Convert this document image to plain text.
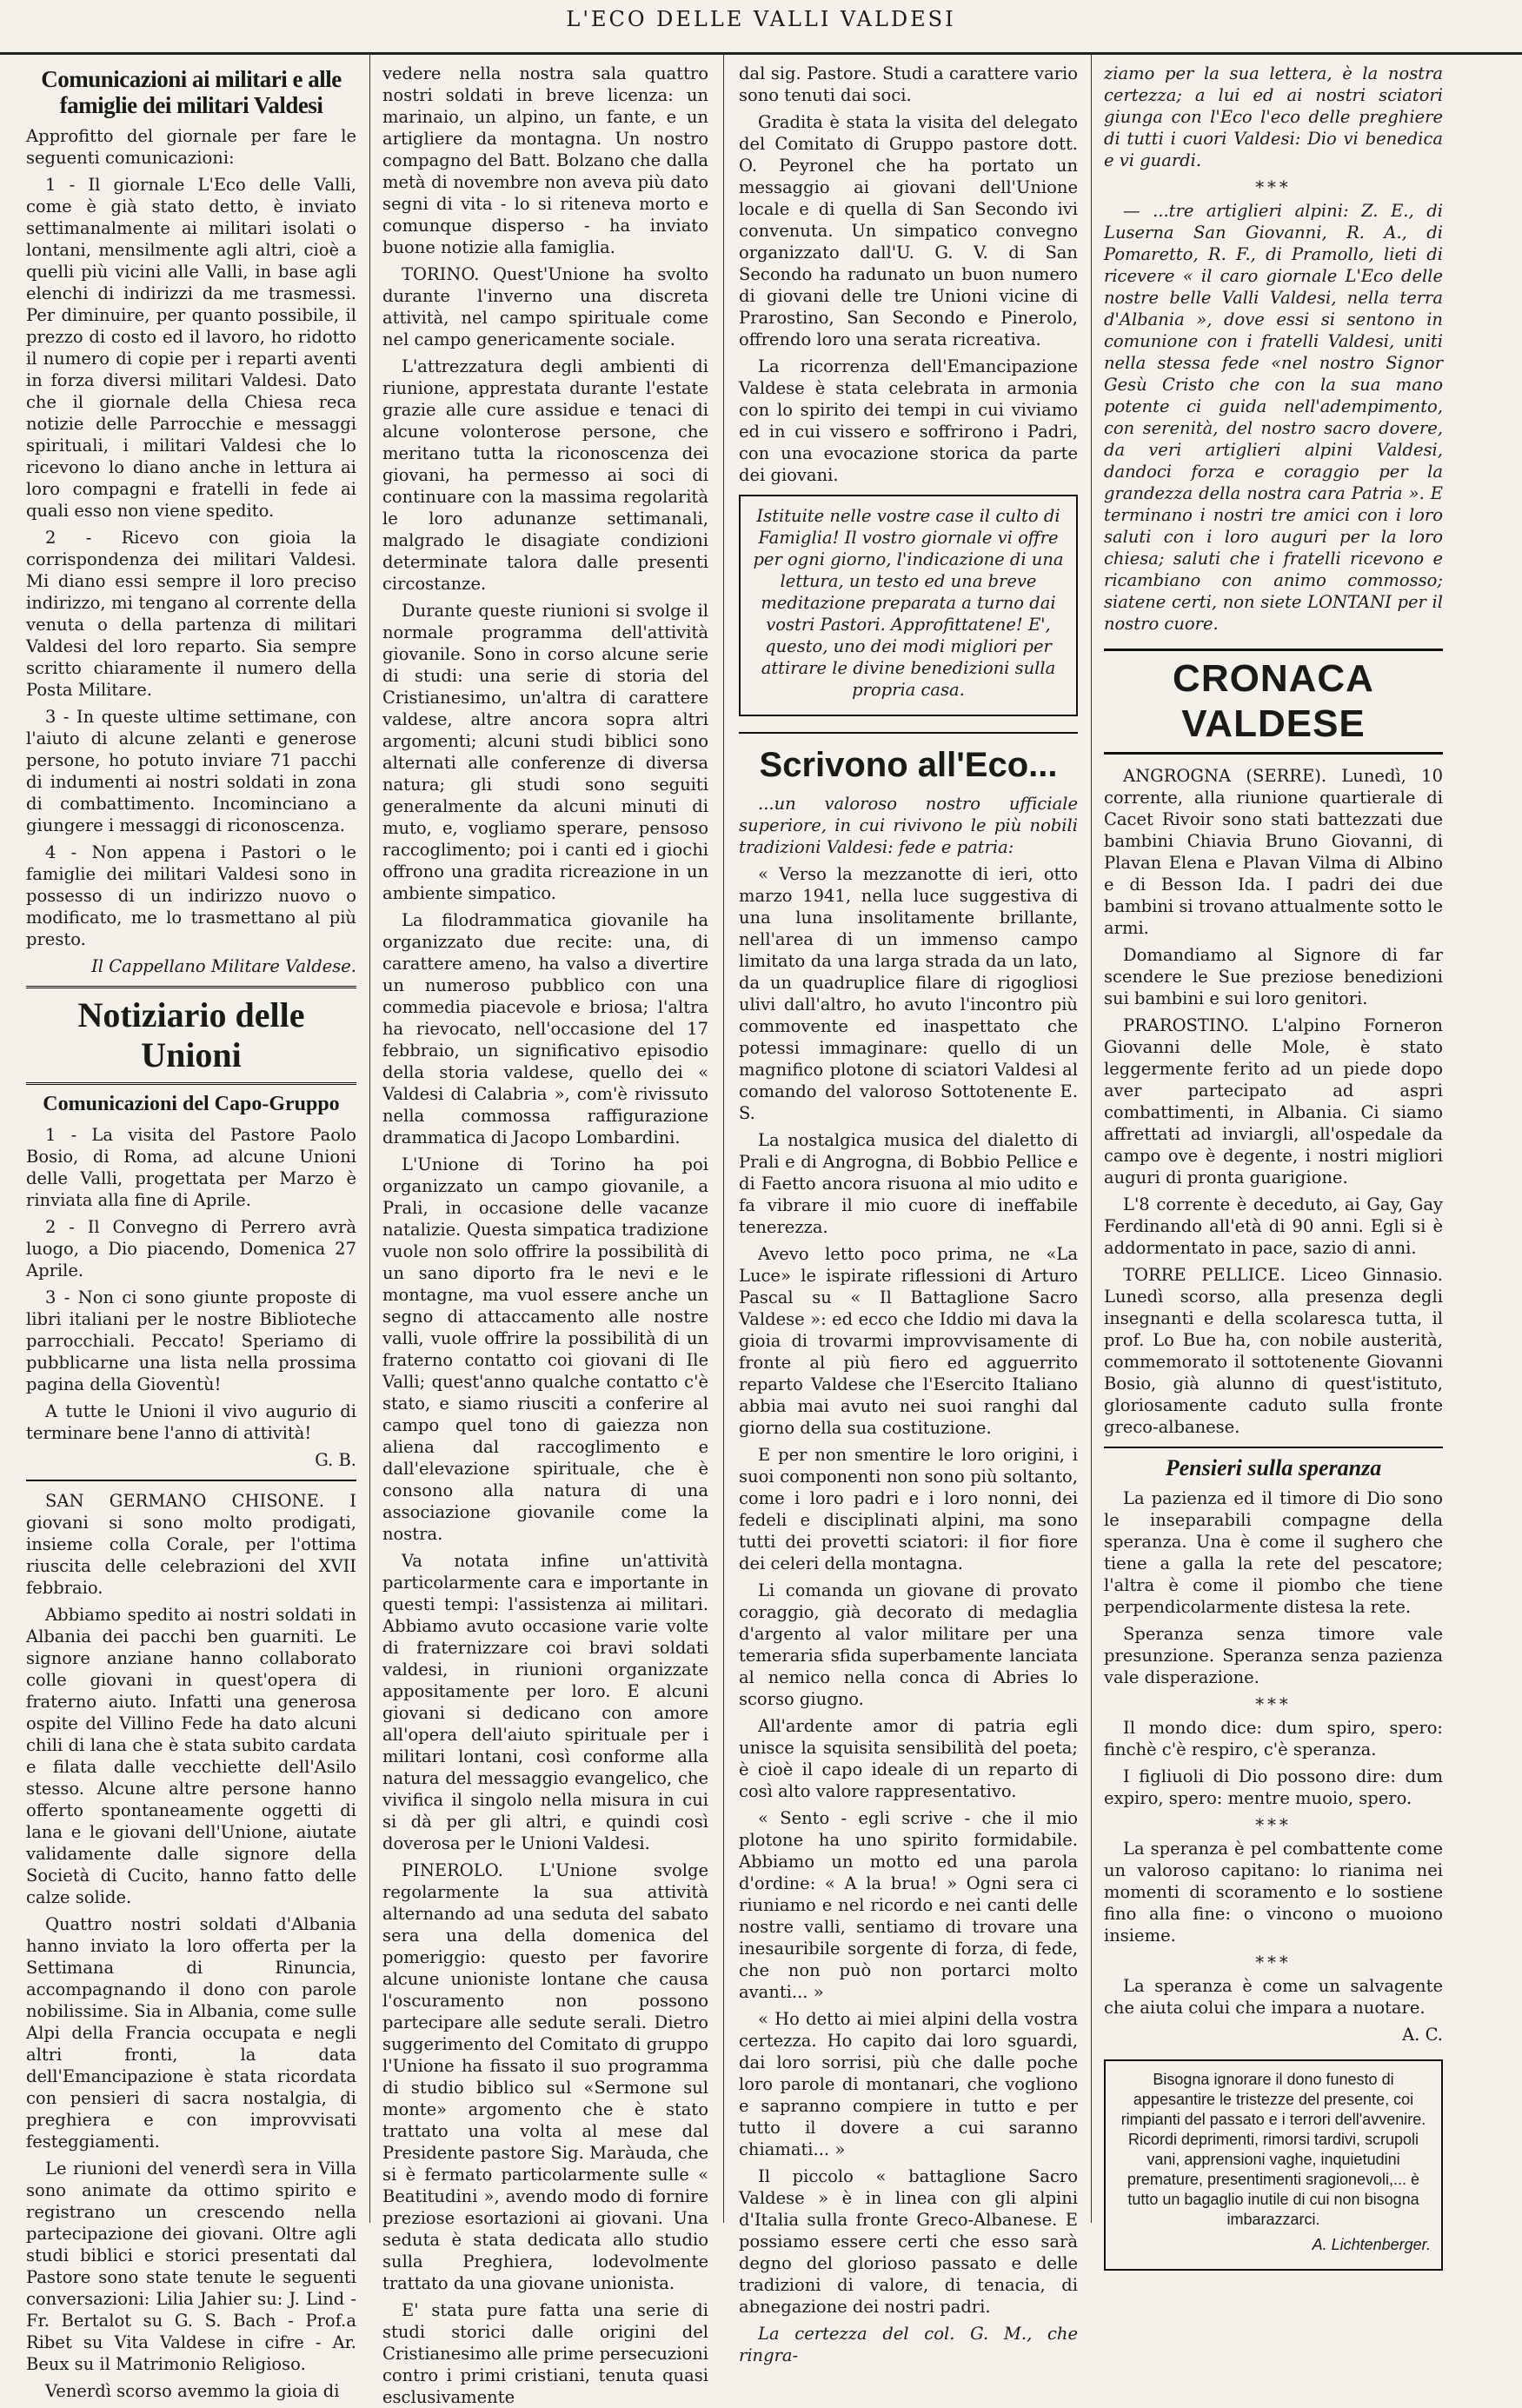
L'ECO DELLE VALLI VALDESI
Comunicazioni ai militari e alle famiglie dei militari Valdesi

Approfitto del giornale per fare le seguenti comunicazioni:

1 - Il giornale L'Eco delle Valli, come è già stato detto, è inviato settimanalmente ai militari isolati o lontani, mensilmente agli altri, cioè a quelli più vicini alle Valli, in base agli elenchi di indirizzi da me trasmessi. Per diminuire, per quanto possibile, il prezzo di costo ed il lavoro, ho ridotto il numero di copie per i reparti aventi in forza diversi militari Valdesi. Dato che il giornale della Chiesa reca notizie delle Parrocchie e messaggi spirituali, i militari Valdesi che lo ricevono lo diano anche in lettura ai loro compagni e fratelli in fede ai quali esso non viene spedito.

2 - Ricevo con gioia la corrispondenza dei militari Valdesi. Mi diano essi sempre il loro preciso indirizzo, mi tengano al corrente della venuta o della partenza di militari Valdesi del loro reparto. Sia sempre scritto chiaramente il numero della Posta Militare.

3 - In queste ultime settimane, con l'aiuto di alcune zelanti e generose persone, ho potuto inviare 71 pacchi di indumenti ai nostri soldati in zona di combattimento. Incominciano a giungere i messaggi di riconoscenza.

4 - Non appena i Pastori o le famiglie dei militari Valdesi sono in possesso di un indirizzo nuovo o modificato, me lo trasmettano al più presto.

Il Cappellano Militare Valdese.

Notiziario delle Unioni
Comunicazioni del Capo-Gruppo

1 - La visita del Pastore Paolo Bosio, di Roma, ad alcune Unioni delle Valli, progettata per Marzo è rinviata alla fine di Aprile.

2 - Il Convegno di Perrero avrà luogo, a Dio piacendo, Domenica 27 Aprile.

3 - Non ci sono giunte proposte di libri italiani per le nostre Biblioteche parrocchiali. Peccato! Speriamo di pubblicarne una lista nella prossima pagina della Gioventù!

A tutte le Unioni il vivo augurio di terminare bene l'anno di attività!

G. B.

SAN GERMANO CHISONE. I giovani si sono molto prodigati, insieme colla Corale, per l'ottima riuscita delle celebrazioni del XVII febbraio.

Abbiamo spedito ai nostri soldati in Albania dei pacchi ben guarniti. Le signore anziane hanno collaborato colle giovani in quest'opera di fraterno aiuto. Infatti una generosa ospite del Villino Fede ha dato alcuni chili di lana che è stata subito cardata e filata dalle vecchiette dell'Asilo stesso. Alcune altre persone hanno offerto spontaneamente oggetti di lana e le giovani dell'Unione, aiutate validamente dalle signore della Società di Cucito, hanno fatto delle calze solide.

Quattro nostri soldati d'Albania hanno inviato la loro offerta per la Settimana di Rinuncia, accompagnando il dono con parole nobilissime. Sia in Albania, come sulle Alpi della Francia occupata e negli altri fronti, la data dell'Emancipazione è stata ricordata con pensieri di sacra nostalgia, di preghiera e con improvvisati festeggiamenti.

Le riunioni del venerdì sera in Villa sono animate da ottimo spirito e registrano un crescendo nella partecipazione dei giovani. Oltre agli studi biblici e storici presentati dal Pastore sono state tenute le seguenti conversazioni: Lilia Jahier su: J. Lind - Fr. Bertalot su G. S. Bach - Prof.a Ribet su Vita Valdese in cifre - Ar. Beux su il Matrimonio Religioso.

Venerdì scorso avemmo la gioia di

vedere nella nostra sala quattro nostri soldati in breve licenza: un marinaio, un alpino, un fante, e un artigliere da montagna. Un nostro compagno del Batt. Bolzano che dalla metà di novembre non aveva più dato segni di vita - lo si riteneva morto e comunque disperso - ha inviato buone notizie alla famiglia.

TORINO. Quest'Unione ha svolto durante l'inverno una discreta attività, nel campo spirituale come nel campo genericamente sociale.

L'attrezzatura degli ambienti di riunione, apprestata durante l'estate grazie alle cure assidue e tenaci di alcune volonterose persone, che meritano tutta la riconoscenza dei giovani, ha permesso ai soci di continuare con la massima regolarità le loro adunanze settimanali, malgrado le disagiate condizioni determinate talora dalle presenti circostanze.

Durante queste riunioni si svolge il normale programma dell'attività giovanile. Sono in corso alcune serie di studi: una serie di storia del Cristianesimo, un'altra di carattere valdese, altre ancora sopra altri argomenti; alcuni studi biblici sono alternati alle conferenze di diversa natura; gli studi sono seguiti generalmente da alcuni minuti di muto, e, vogliamo sperare, pensoso raccoglimento; poi i canti ed i giochi offrono una gradita ricreazione in un ambiente simpatico.

La filodrammatica giovanile ha organizzato due recite: una, di carattere ameno, ha valso a divertire un numeroso pubblico con una commedia piacevole e briosa; l'altra ha rievocato, nell'occasione del 17 febbraio, un significativo episodio della storia valdese, quello dei « Valdesi di Calabria », com'è rivissuto nella commossa raffigurazione drammatica di Jacopo Lombardini.

L'Unione di Torino ha poi organizzato un campo giovanile, a Prali, in occasione delle vacanze natalizie. Questa simpatica tradizione vuole non solo offrire la possibilità di un sano diporto fra le nevi e le montagne, ma vuol essere anche un segno di attaccamento alle nostre valli, vuole offrire la possibilità di un fraterno contatto coi giovani di Ile Valli; quest'anno qualche contatto c'è stato, e siamo riusciti a conferire al campo quel tono di gaiezza non aliena dal raccoglimento e dall'elevazione spirituale, che è consono alla natura di una associazione giovanile come la nostra.

Va notata infine un'attività particolarmente cara e importante in questi tempi: l'assistenza ai militari. Abbiamo avuto occasione varie volte di fraternizzare coi bravi soldati valdesi, in riunioni organizzate appositamente per loro. E alcuni giovani si dedicano con amore all'opera dell'aiuto spirituale per i militari lontani, così conforme alla natura del messaggio evangelico, che vivifica il singolo nella misura in cui si dà per gli altri, e quindi così doverosa per le Unioni Valdesi.

PINEROLO. L'Unione svolge regolarmente la sua attività alternando ad una seduta del sabato sera una della domenica del pomeriggio: questo per favorire alcune unioniste lontane che causa l'oscuramento non possono partecipare alle sedute serali. Dietro suggerimento del Comitato di gruppo l'Unione ha fissato il suo programma di studio biblico sul «Sermone sul monte» argomento che è stato trattato una volta al mese dal Presidente pastore Sig. Maràuda, che si è fermato particolarmente sulle « Beatitudini », avendo modo di fornire preziose esortazioni ai giovani. Una seduta è stata dedicata allo studio sulla Preghiera, lodevolmente trattato da una giovane unionista.

E' stata pure fatta una serie di studi storici dalle origini del Cristianesimo alle prime persecuzioni contro i primi cristiani, tenuta quasi esclusivamente

dal sig. Pastore. Studi a carattere vario sono tenuti dai soci.

Gradita è stata la visita del delegato del Comitato di Gruppo pastore dott. O. Peyronel che ha portato un messaggio ai giovani dell'Unione locale e di quella di San Secondo ivi convenuta. Un simpatico convegno organizzato dall'U. G. V. di San Secondo ha radunato un buon numero di giovani delle tre Unioni vicine di Prarostino, San Secondo e Pinerolo, offrendo loro una serata ricreativa.

La ricorrenza dell'Emancipazione Valdese è stata celebrata in armonia con lo spirito dei tempi in cui viviamo ed in cui vissero e soffrirono i Padri, con una evocazione storica da parte dei giovani.

Istituite nelle vostre case il culto di Famiglia! Il vostro giornale vi offre per ogni giorno, l'indicazione di una lettura, un testo ed una breve meditazione preparata a turno dai vostri Pastori. Approfittatene! E', questo, uno dei modi migliori per attirare le divine benedizioni sulla propria casa.

Scrivono all'Eco...

...un valoroso nostro ufficiale superiore, in cui rivivono le più nobili tradizioni Valdesi: fede e patria:

« Verso la mezzanotte di ieri, otto marzo 1941, nella luce suggestiva di una luna insolitamente brillante, nell'area di un immenso campo limitato da una larga strada da un lato, da un quadruplice filare di rigogliosi ulivi dall'altro, ho avuto l'incontro più commovente ed inaspettato che potessi immaginare: quello di un magnifico plotone di sciatori Valdesi al comando del valoroso Sottotenente E. S.

La nostalgica musica del dialetto di Prali e di Angrogna, di Bobbio Pellice e di Faetto ancora risuona al mio udito e fa vibrare il mio cuore di ineffabile tenerezza.

Avevo letto poco prima, ne «La Luce» le ispirate riflessioni di Arturo Pascal su « Il Battaglione Sacro Valdese »: ed ecco che Iddio mi dava la gioia di trovarmi improvvisamente di fronte al più fiero ed agguerrito reparto Valdese che l'Esercito Italiano abbia mai avuto nei suoi ranghi dal giorno della sua costituzione.

E per non smentire le loro origini, i suoi componenti non sono più soltanto, come i loro padri e i loro nonni, dei fedeli e disciplinati alpini, ma sono tutti dei provetti sciatori: il fior fiore dei celeri della montagna.

Li comanda un giovane di provato coraggio, già decorato di medaglia d'argento al valor militare per una temeraria sfida superbamente lanciata al nemico nella conca di Abries lo scorso giugno.

All'ardente amor di patria egli unisce la squisita sensibilità del poeta; è cioè il capo ideale di un reparto di così alto valore rappresentativo.

« Sento - egli scrive - che il mio plotone ha uno spirito formidabile. Abbiamo un motto ed una parola d'ordine: « A la brua! » Ogni sera ci riuniamo e nel ricordo e nei canti delle nostre valli, sentiamo di trovare una inesauribile sorgente di forza, di fede, che non può non portarci molto avanti... »

« Ho detto ai miei alpini della vostra certezza. Ho capito dai loro sguardi, dai loro sorrisi, più che dalle poche loro parole di montanari, che vogliono e sapranno compiere in tutto e per tutto il dovere a cui saranno chiamati... »

Il piccolo « battaglione Sacro Valdese » è in linea con gli alpini d'Italia sulla fronte Greco-Albanese. E possiamo essere certi che esso sarà degno del glorioso passato e delle tradizioni di valore, di tenacia, di abnegazione dei nostri padri.

La certezza del col. G. M., che ringra-

ziamo per la sua lettera, è la nostra certezza; a lui ed ai nostri sciatori giunga con l'Eco l'eco delle preghiere di tutti i cuori Valdesi: Dio vi benedica e vi guardi.

***

— ...tre artiglieri alpini: Z. E., di Luserna San Giovanni, R. A., di Pomaretto, R. F., di Pramollo, lieti di ricevere « il caro giornale L'Eco delle nostre belle Valli Valdesi, nella terra d'Albania », dove essi si sentono in comunione con i fratelli Valdesi, uniti nella stessa fede «nel nostro Signor Gesù Cristo che con la sua mano potente ci guida nell'adempimento, con serenità, del nostro sacro dovere, da veri artiglieri alpini Valdesi, dandoci forza e coraggio per la grandezza della nostra cara Patria ». E terminano i nostri tre amici con i loro saluti con i loro auguri per la loro chiesa; saluti che i fratelli ricevono e ricambiano con animo commosso; siatene certi, non siete LONTANI per il nostro cuore.

CRONACA VALDESE

ANGROGNA (SERRE). Lunedì, 10 corrente, alla riunione quartierale di Cacet Rivoir sono stati battezzati due bambini Chiavia Bruno Giovanni, di Plavan Elena e Plavan Vilma di Albino e di Besson Ida. I padri dei due bambini si trovano attualmente sotto le armi.

Domandiamo al Signore di far scendere le Sue preziose benedizioni sui bambini e sui loro genitori.

PRAROSTINO. L'alpino Forneron Giovanni delle Mole, è stato leggermente ferito ad un piede dopo aver partecipato ad aspri combattimenti, in Albania. Ci siamo affrettati ad inviargli, all'ospedale da campo ove è degente, i nostri migliori auguri di pronta guarigione.

L'8 corrente è deceduto, ai Gay, Gay Ferdinando all'età di 90 anni. Egli si è addormentato in pace, sazio di anni.

TORRE PELLICE. Liceo Ginnasio. Lunedì scorso, alla presenza degli insegnanti e della scolaresca tutta, il prof. Lo Bue ha, con nobile austerità, commemorato il sottotenente Giovanni Bosio, già alunno di quest'istituto, gloriosamente caduto sulla fronte greco-albanese.

Pensieri sulla speranza

La pazienza ed il timore di Dio sono le inseparabili compagne della speranza. Una è come il sughero che tiene a galla la rete del pescatore; l'altra è come il piombo che tiene perpendicolarmente distesa la rete.

Speranza senza timore vale presunzione. Speranza senza pazienza vale disperazione.

***

Il mondo dice: dum spiro, spero: finchè c'è respiro, c'è speranza.

I figliuoli di Dio possono dire: dum expiro, spero: mentre muoio, spero.

***

La speranza è pel combattente come un valoroso capitano: lo rianima nei momenti di scoramento e lo sostiene fino alla fine: o vincono o muoiono insieme.

***

La speranza è come un salvagente che aiuta colui che impara a nuotare.

A. C.

Bisogna ignorare il dono funesto di appesantire le tristezze del presente, coi rimpianti del passato e i terrori dell'avvenire. Ricordi deprimenti, rimorsi tardivi, scrupoli vani, apprensioni vaghe, inquietudini premature, presentimenti sragionevoli,... è tutto un bagaglio inutile di cui non bisogna imbarazzarci.

A. Lichtenberger.
